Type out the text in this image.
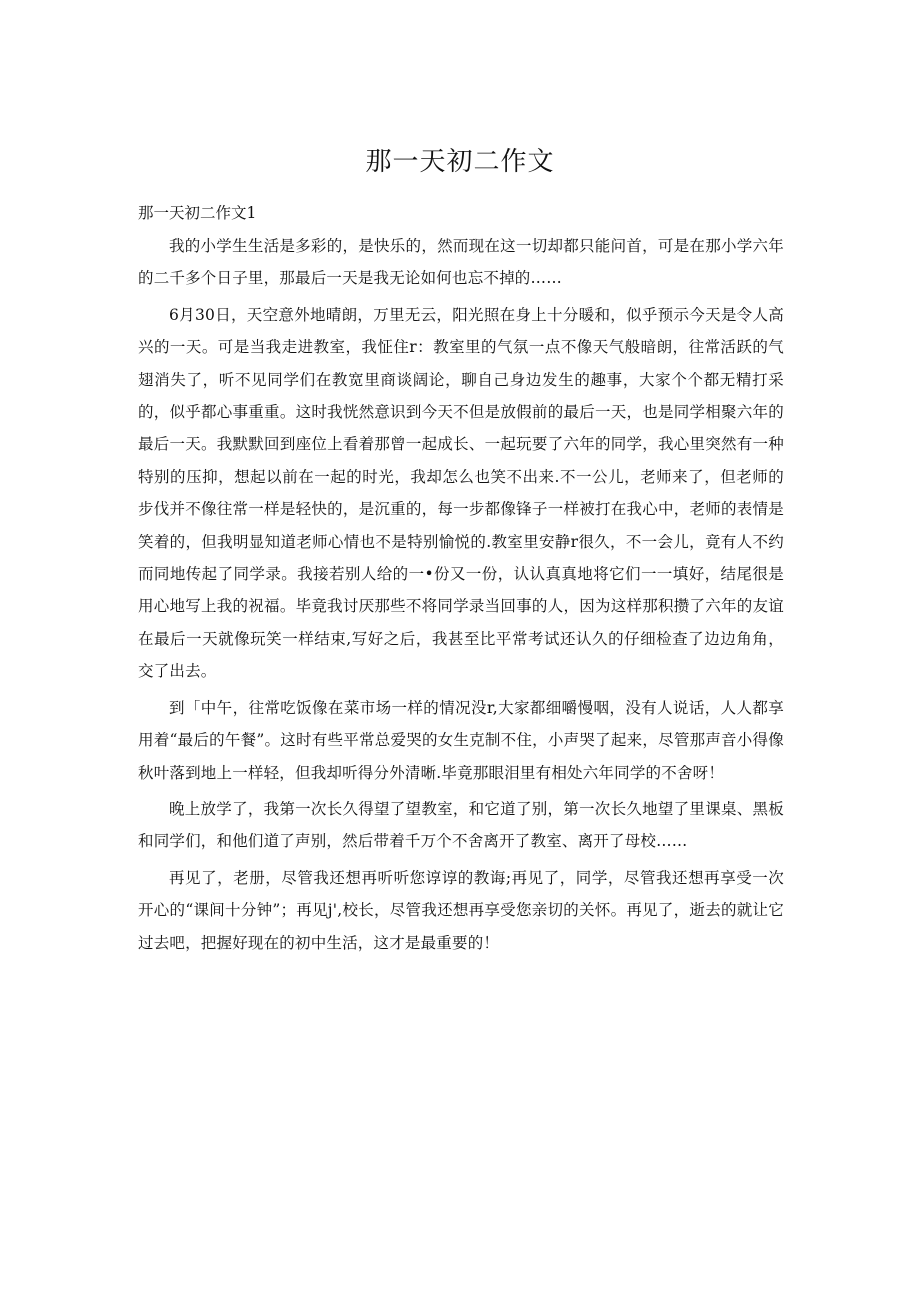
那一天初二作文

那一天初二作文1

我的小学生生活是多彩的，是快乐的，然而现在这一切却都只能问首，可是在那小学六年的二千多个日子里，那最后一天是我无论如何也忘不掉的……

6月30日，天空意外地晴朗，万里无云，阳光照在身上十分暖和，似乎预示今天是令人高兴的一天。可是当我走进教室，我怔住r：教室里的气氛一点不像天气般暗朗，往常活跃的气翅消失了，听不见同学们在教宽里商谈阔论，聊自己身边发生的趣事，大家个个都无精打采的，似乎都心事重重。这时我恍然意识到今天不但是放假前的最后一天，也是同学相聚六年的最后一天。我默默回到座位上看着那曾一起成长、一起玩要了六年的同学，我心里突然有一种特别的压抑，想起以前在一起的时光，我却怎么也笑不出来.不一公儿，老师来了，但老师的步伐并不像往常一样是轻快的，是沉重的，每一步都像锋子一样被打在我心中，老师的表情是笑着的，但我明显知道老师心情也不是特别愉悦的.教室里安静r很久，不一会儿，竟有人不约而同地传起了同学录。我接若别人给的一•份又一份，认认真真地将它们一一填好，结尾很是用心地写上我的祝福。毕竟我讨厌那些不将同学录当回事的人，因为这样那积攒了六年的友谊在最后一天就像玩笑一样结束,写好之后，我甚至比平常考试还认久的仔细检查了边边角角，交了出去。

到「中午，往常吃饭像在菜市场一样的情况没r,大家都细嚼慢咽，没有人说话，人人都享用着“最后的午餐”。这时有些平常总爱哭的女生克制不住，小声哭了起来，尽管那声音小得像秋叶落到地上一样轻，但我却听得分外清晰.毕竟那眼泪里有相处六年同学的不舍呀！

晚上放学了，我第一次长久得望了望教室，和它道了别，第一次长久地望了里课桌、黑板和同学们，和他们道了声别，然后带着千万个不舍离开了教室、离开了母校……

再见了，老册，尽管我还想再听听您谆谆的教诲;再见了，同学，尽管我还想再享受一次开心的“课间十分钟”；再见j',校长，尽管我还想再享受您亲切的关怀。再见了，逝去的就让它过去吧，把握好现在的初中生活，这才是最重要的！
